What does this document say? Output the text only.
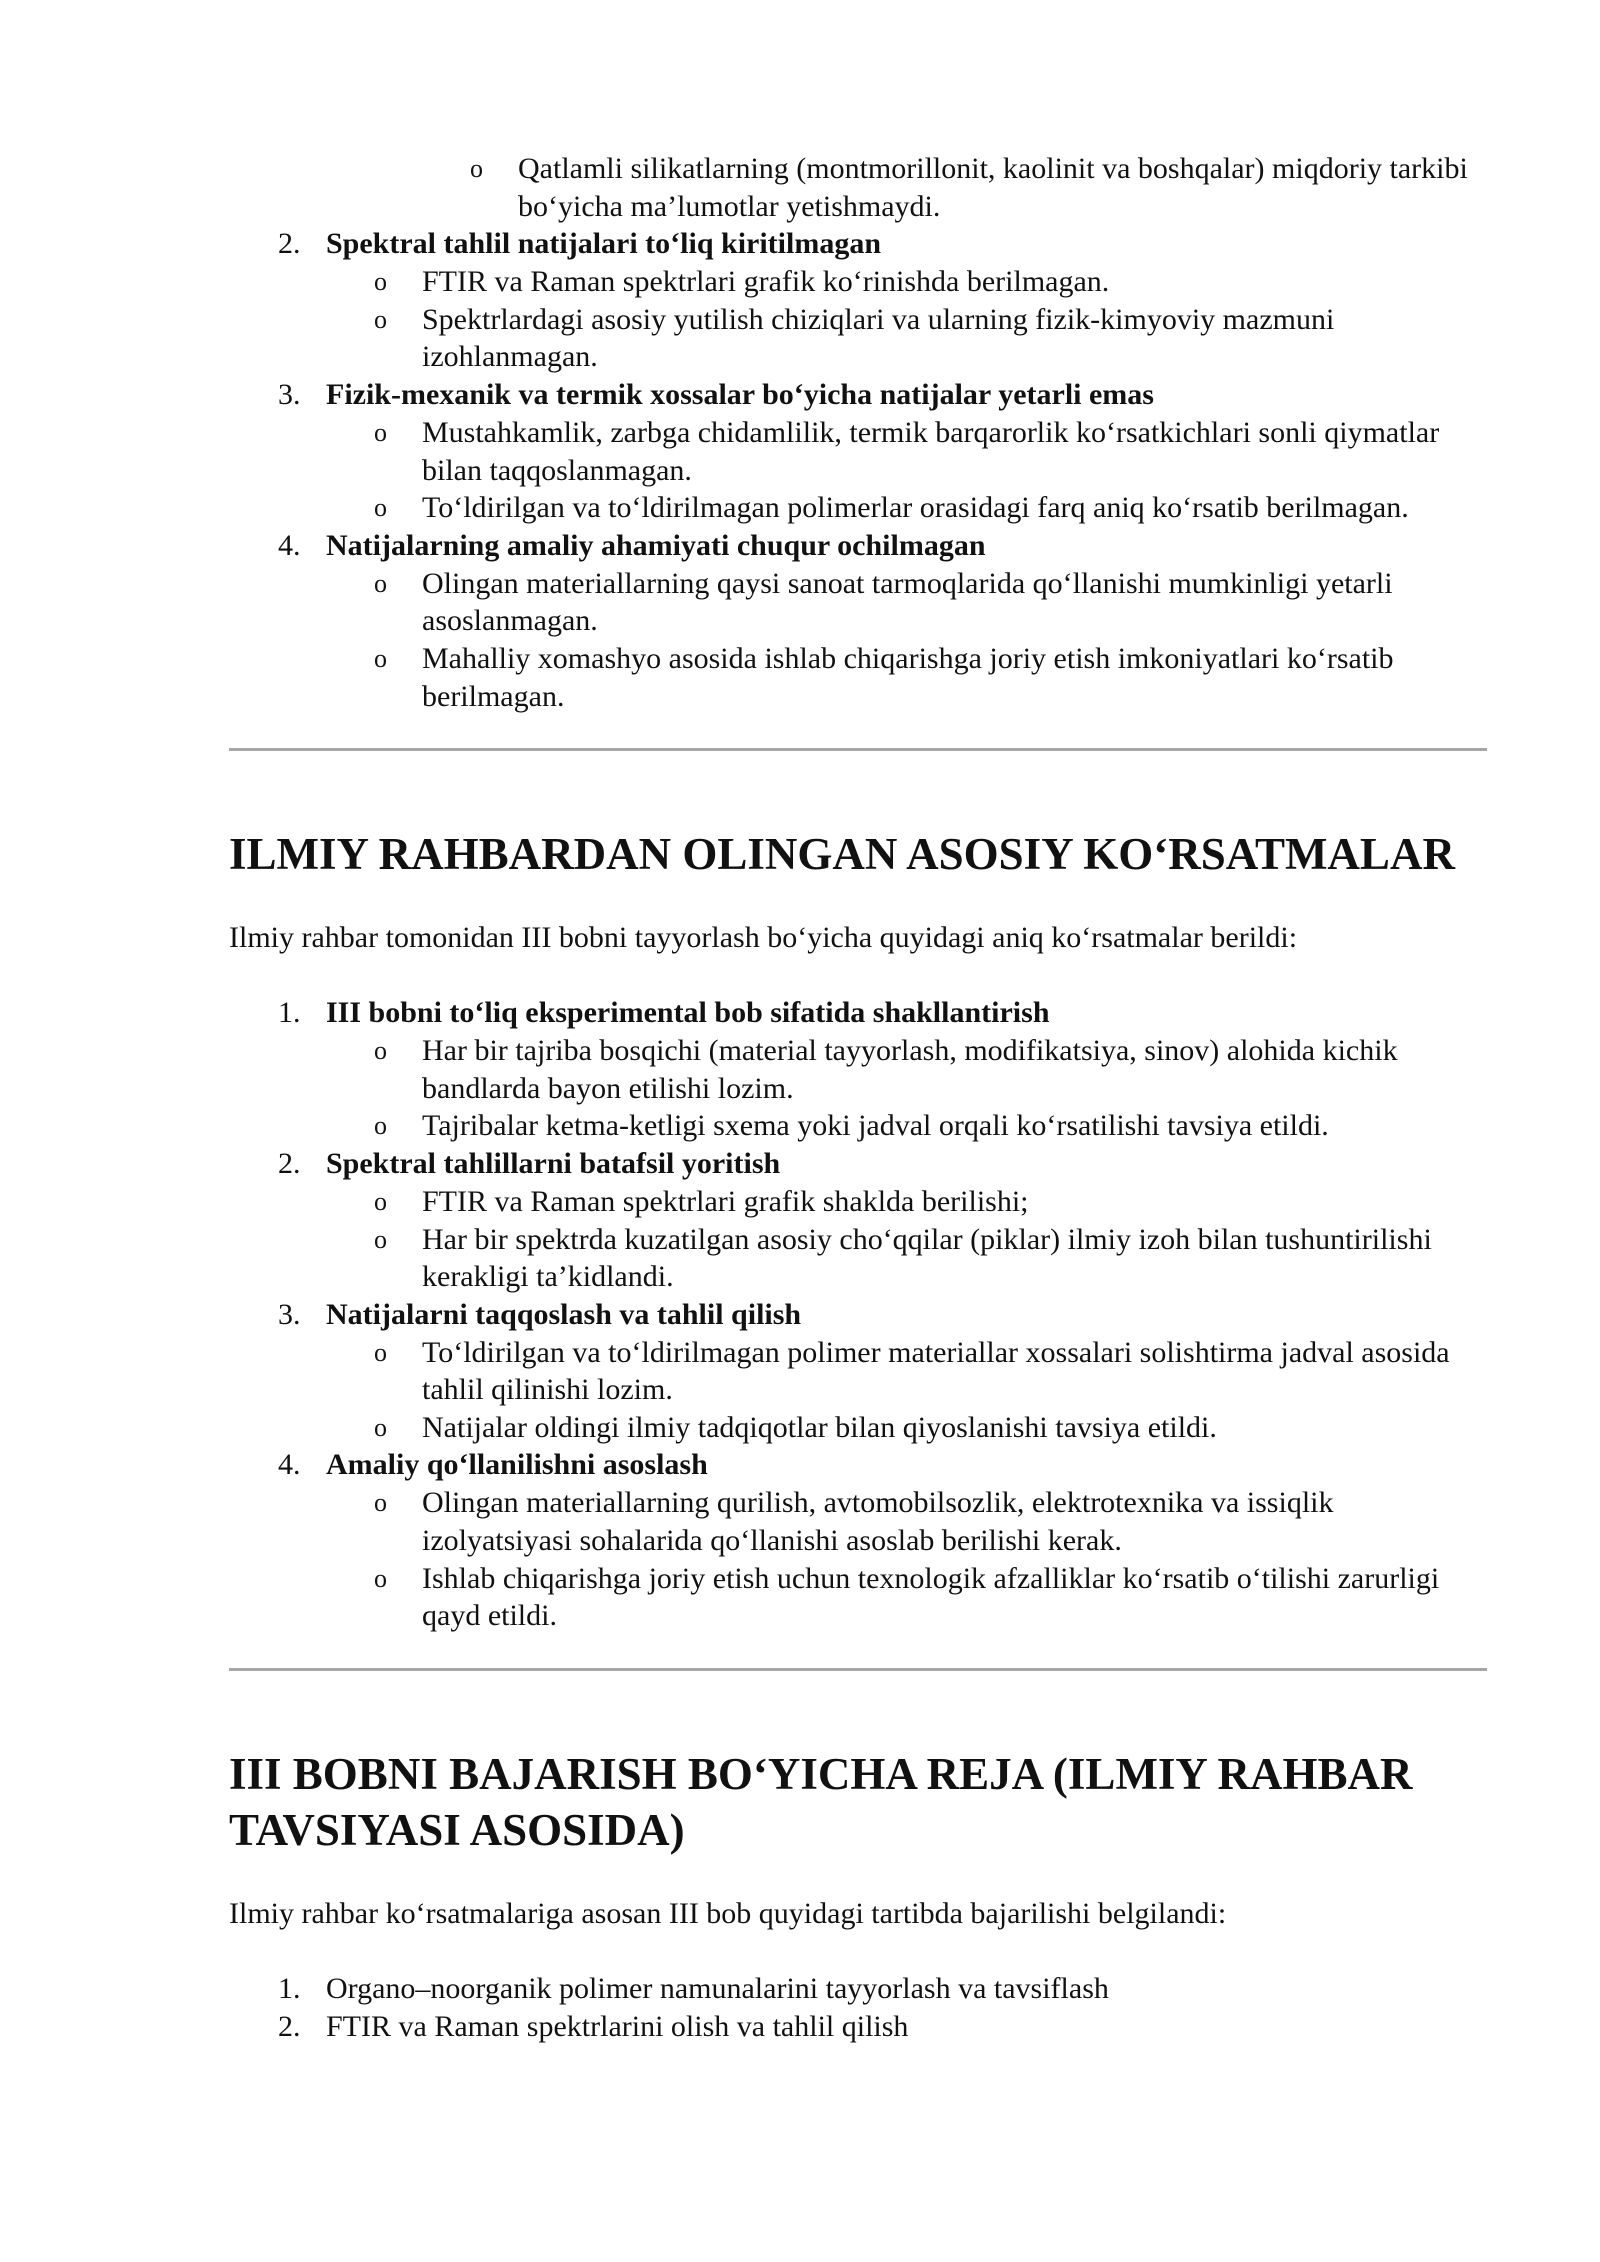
o Qatlamli silikatlarning (montmorillonit, kaolinit va boshqalar) miqdoriy tarkibi bo‘yicha ma’lumotlar yetishmaydi.
2. Spektral tahlil natijalari to‘liq kiritilmagan
o FTIR va Raman spektrlari grafik ko‘rinishda berilmagan.
o Spektrlardagi asosiy yutilish chiziqlari va ularning fizik-kimyoviy mazmuni izohlanmagan.
3. Fizik-mexanik va termik xossalar bo‘yicha natijalar yetarli emas
o Mustahkamlik, zarbga chidamlilik, termik barqarorlik ko‘rsatkichlari sonli qiymatlar bilan taqqoslanmagan.
o To‘ldirilgan va to‘ldirilmagan polimerlar orasidagi farq aniq ko‘rsatib berilmagan.
4. Natijalarning amaliy ahamiyati chuqur ochilmagan
o Olingan materiallarning qaysi sanoat tarmoqlarida qo‘llanishi mumkinligi yetarli asoslanmagan.
o Mahalliy xomashyo asosida ishlab chiqarishga joriy etish imkoniyatlari ko‘rsatib berilmagan.
ILMIY RAHBARDAN OLINGAN ASOSIY KO‘RSATMALAR

Ilmiy rahbar tomonidan III bobni tayyorlash bo‘yicha quyidagi aniq ko‘rsatmalar berildi:

1. III bobni to‘liq eksperimental bob sifatida shakllantirish
o Har bir tajriba bosqichi (material tayyorlash, modifikatsiya, sinov) alohida kichik bandlarda bayon etilishi lozim.
o Tajribalar ketma-ketligi sxema yoki jadval orqali ko‘rsatilishi tavsiya etildi.
2. Spektral tahlillarni batafsil yoritish
o FTIR va Raman spektrlari grafik shaklda berilishi;
o Har bir spektrda kuzatilgan asosiy cho‘qqilar (piklar) ilmiy izoh bilan tushuntirilishi kerakligi ta’kidlandi.
3. Natijalarni taqqoslash va tahlil qilish
o To‘ldirilgan va to‘ldirilmagan polimer materiallar xossalari solishtirma jadval asosida tahlil qilinishi lozim.
o Natijalar oldingi ilmiy tadqiqotlar bilan qiyoslanishi tavsiya etildi.
4. Amaliy qo‘llanilishni asoslash
o Olingan materiallarning qurilish, avtomobilsozlik, elektrotexnika va issiqlik izolyatsiyasi sohalarida qo‘llanishi asoslab berilishi kerak.
o Ishlab chiqarishga joriy etish uchun texnologik afzalliklar ko‘rsatib o‘tilishi zarurligi qayd etildi.
III BOBNI BAJARISH BO‘YICHA REJA (ILMIY RAHBAR TAVSIYASI ASOSIDA)

Ilmiy rahbar ko‘rsatmalariga asosan III bob quyidagi tartibda bajarilishi belgilandi:

1. Organo–noorganik polimer namunalarini tayyorlash va tavsiflash
2. FTIR va Raman spektrlarini olish va tahlil qilish
